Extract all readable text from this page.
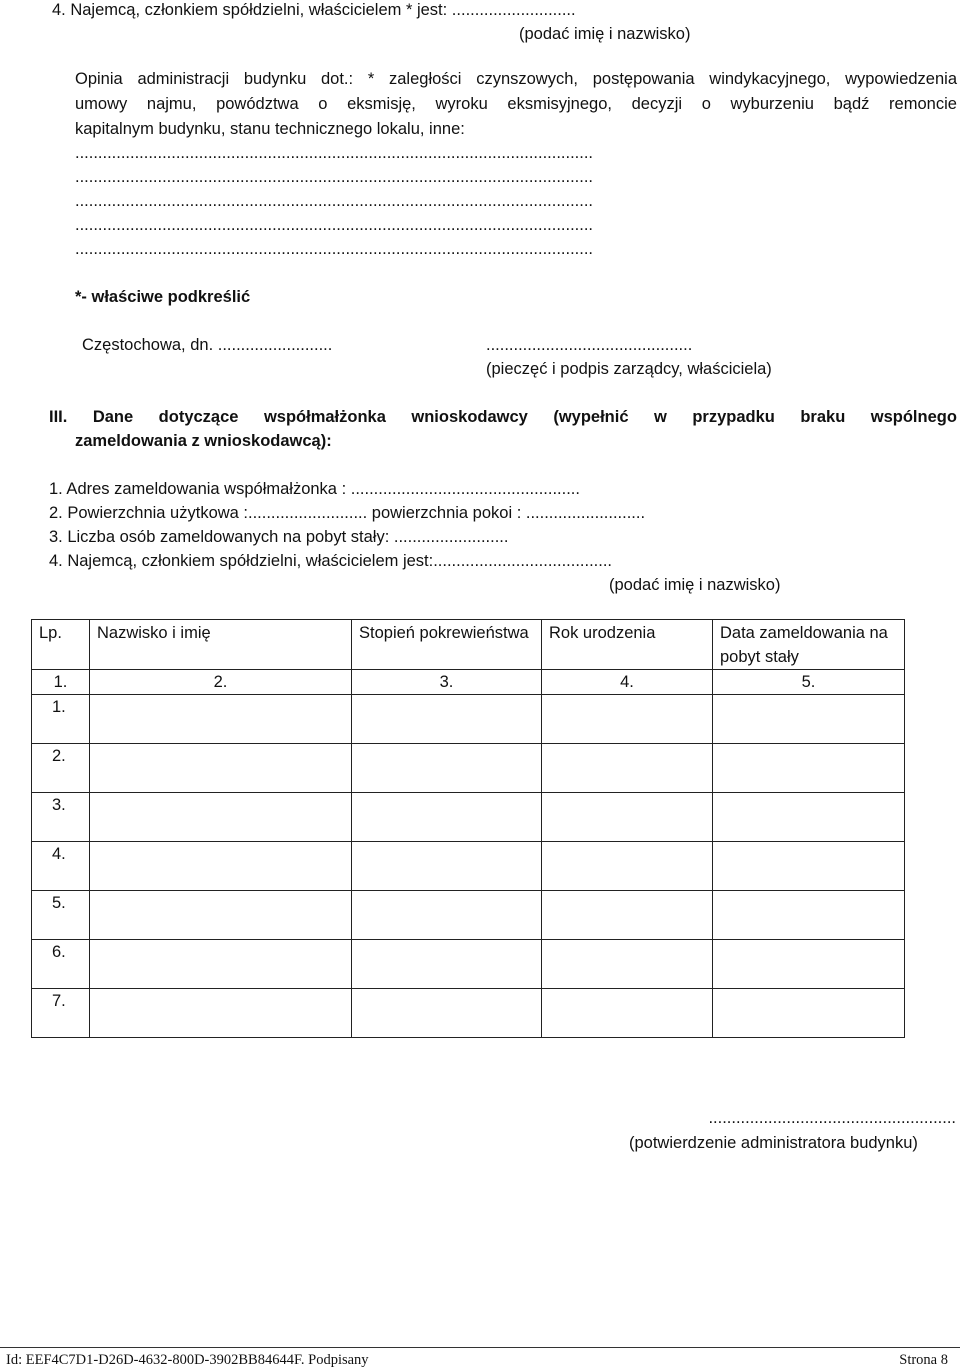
4. Najemcą, członkiem spółdzielni, właścicielem * jest: ...........................
(podać imię i nazwisko)
Opinia administracji budynku dot.: * zaległości czynszowych, postępowania windykacyjnego, wypowiedzenia
umowy najmu, powództwa o eksmisję, wyroku eksmisyjnego, decyzji o wyburzeniu bądź remoncie
kapitalnym budynku, stanu technicznego lokalu, inne:
.................................................................................................................
.................................................................................................................
.................................................................................................................
.................................................................................................................
.................................................................................................................
*- właściwe podkreślić
Częstochowa, dn. .........................	.............................................
(pieczęć i podpis zarządcy, właściciela)
III. Dane dotyczące współmałżonka wnioskodawcy (wypełnić w przypadku braku wspólnego
zameldowania z wnioskodawcą):
1. Adres zameldowania współmałżonka : ..................................................
2. Powierzchnia użytkowa :.......................... powierzchnia pokoi : ..........................
3. Liczba osób zameldowanych na pobyt stały: .........................
4. Najemcą, członkiem spółdzielni, właścicielem jest:.......................................
(podać imię i nazwisko)
Lp.	Nazwisko i imię	Stopień pokrewieństwa	Rok urodzenia	Data zameldowania na pobyt stały

1.	2.	3.	4.	5.
1.				
2.				
3.				
4.				
5.				
6.				
7.				
......................................................
(potwierdzenie administratora budynku)
Id: EEF4C7D1-D26D-4632-800D-3902BB84644F. Podpisany	Strona 8
